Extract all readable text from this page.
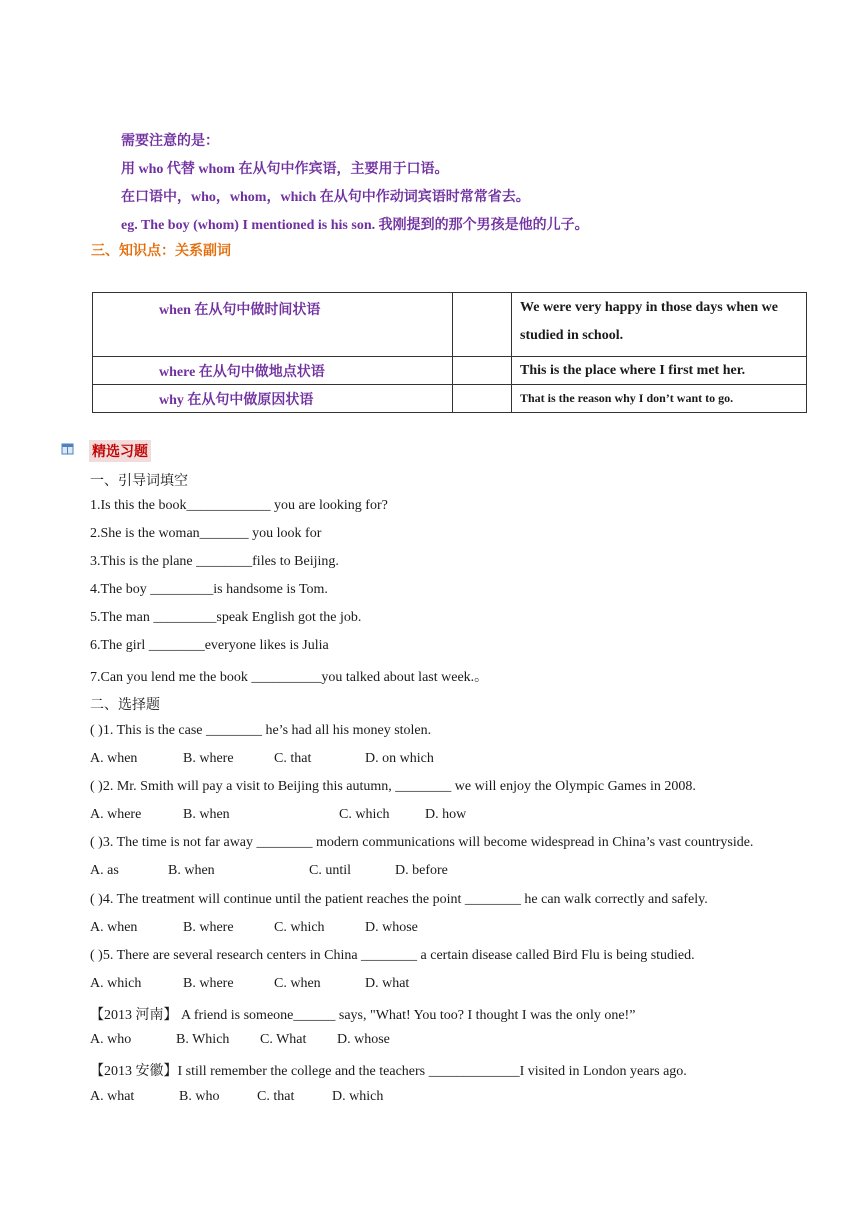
需要注意的是：
用 who 代替 whom 在从句中作宾语，主要用于口语。
在口语中，who，whom，which 在从句中作动词宾语时常常省去。
eg. The boy (whom) I mentioned is his son. 我刚提到的那个男孩是他的儿子。
三、知识点：关系副词
when 在从句中做时间状语		We were very happy in those days when we studied in school.
where 在从句中做地点状语		This is the place where I first met her.
why 在从句中做原因状语		That is the reason why I don’t want to go.
精选习题
一、引导词填空
1.Is this the book____________ you are looking for?
2.She is the woman_______ you look for
3.This is the plane ________files to Beijing.
4.The boy _________is handsome is Tom.
5.The man _________speak English got the job.
6.The girl ________everyone likes is Julia
7.Can you lend me the book __________you talked about last week.。
二、选择题
( )1. This is the case ________ he’s had all his money stolen.
A. when	B. where	C. that	D. on which
( )2. Mr. Smith will pay a visit to Beijing this autumn, ________ we will enjoy the Olympic Games in 2008.
A. where	B. when	C. which	D. how
( )3. The time is not far away ________ modern communications will become widespread in China’s vast countryside.
A. as	B. when	C. until	D. before
( )4. The treatment will continue until the patient reaches the point ________ he can walk correctly and safely.
A. when	B. where	C. which	D. whose
( )5. There are several research centers in China ________ a certain disease called Bird Flu is being studied.
A. which	B. where	C. when	D. what
【2013 河南】 A friend is someone______ says, "What! You too? I thought I was the only one!”
A. who	B. Which C. What D. whose
【2013 安徽】I still remember the college and the teachers _____________I visited in London years ago.
A. what	B. who	C. that	D. which
